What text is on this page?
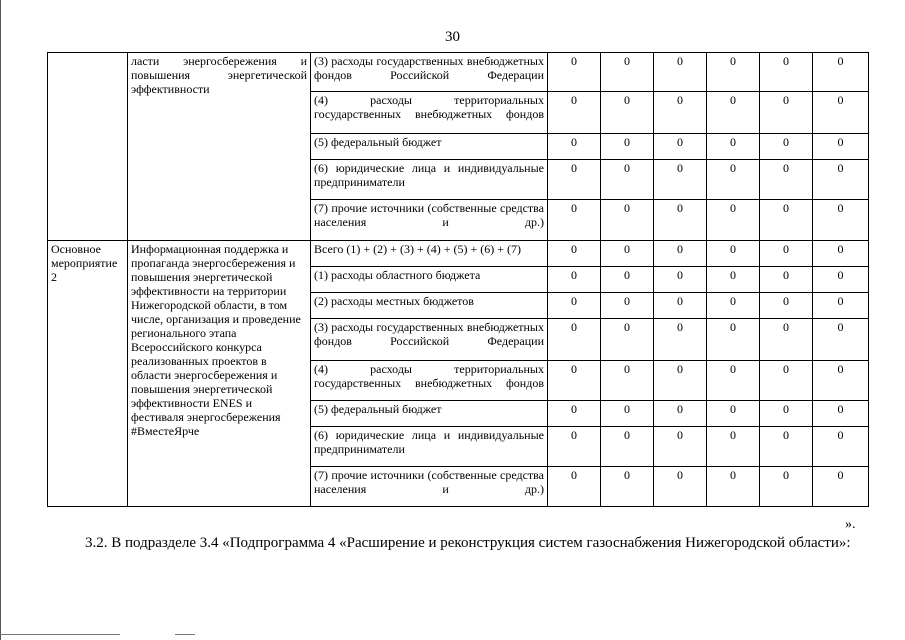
30
	ласти энергосбережения и повышения энергетической эффективности	(3) расходы государственных внебюджетных фондов Российской Федерации	0	0	0	0	0	0
		(4) расходы территориальных государственных внебюджетных фондов	0	0	0	0	0	0
		(5) федеральный бюджет	0	0	0	0	0	0
		(6) юридические лица и индивидуальные предприниматели	0	0	0	0	0	0
		(7) прочие источники (собственные средства населения и др.)	0	0	0	0	0	0
Основное мероприятие 2	Информационная поддержка и пропаганда энергосбережения и повышения энергетической эффективности на территории Нижегородской области, в том числе, организация и проведение регионального этапа Всероссийского конкурса реализованных проектов в области энергосбережения и повышения энергетической эффективности ENES и фестиваля энергосбережения #ВместеЯрче	Всего (1) + (2) + (3) + (4) + (5) + (6) + (7)	0	0	0	0	0	0
		(1) расходы областного бюджета	0	0	0	0	0	0
		(2) расходы местных бюджетов	0	0	0	0	0	0
		(3) расходы государственных внебюджетных фондов Российской Федерации	0	0	0	0	0	0
		(4) расходы территориальных государственных внебюджетных фондов	0	0	0	0	0	0
		(5) федеральный бюджет	0	0	0	0	0	0
		(6) юридические лица и индивидуальные предприниматели	0	0	0	0	0	0
		(7) прочие источники (собственные средства населения и др.)	0	0	0	0	0	0
».
3.2. В подразделе 3.4 «Подпрограмма 4 «Расширение и реконструкция систем газоснабжения Нижегородской области»:
